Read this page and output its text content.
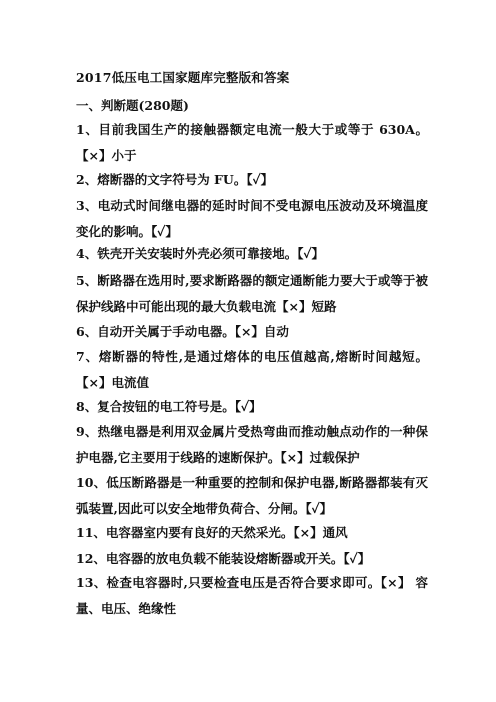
2017低压电工国家题库完整版和答案
一、判断题(280题)
1、目前我国生产的接触器额定电流一般大于或等于 630A。【×】小于
2、熔断器的文字符号为 FU。【✓】
3、电动式时间继电器的延时时间不受电源电压波动及环境温度变化的影响。【✓】
4、铁壳开关安装时外壳必须可靠接地。【✓】
5、断路器在选用时,要求断路器的额定通断能力要大于或等于被保护线路中可能出现的最大负载电流【×】短路
6、自动开关属于手动电器。【×】自动
7、熔断器的特性,是通过熔体的电压值越高,熔断时间越短。【×】电流值
8、复合按钮的电工符号是。【✓】
9、热继电器是利用双金属片受热弯曲而推动触点动作的一种保护电器,它主要用于线路的速断保护。【×】过载保护
10、低压断路器是一种重要的控制和保护电器,断路器都装有灭弧装置,因此可以安全地带负荷合、分闸。【✓】
11、电容器室内要有良好的天然采光。【×】通风
12、电容器的放电负载不能装设熔断器或开关。【✓】
13、检查电容器时,只要检查电压是否符合要求即可。【×】 容量、电压、绝缘性
